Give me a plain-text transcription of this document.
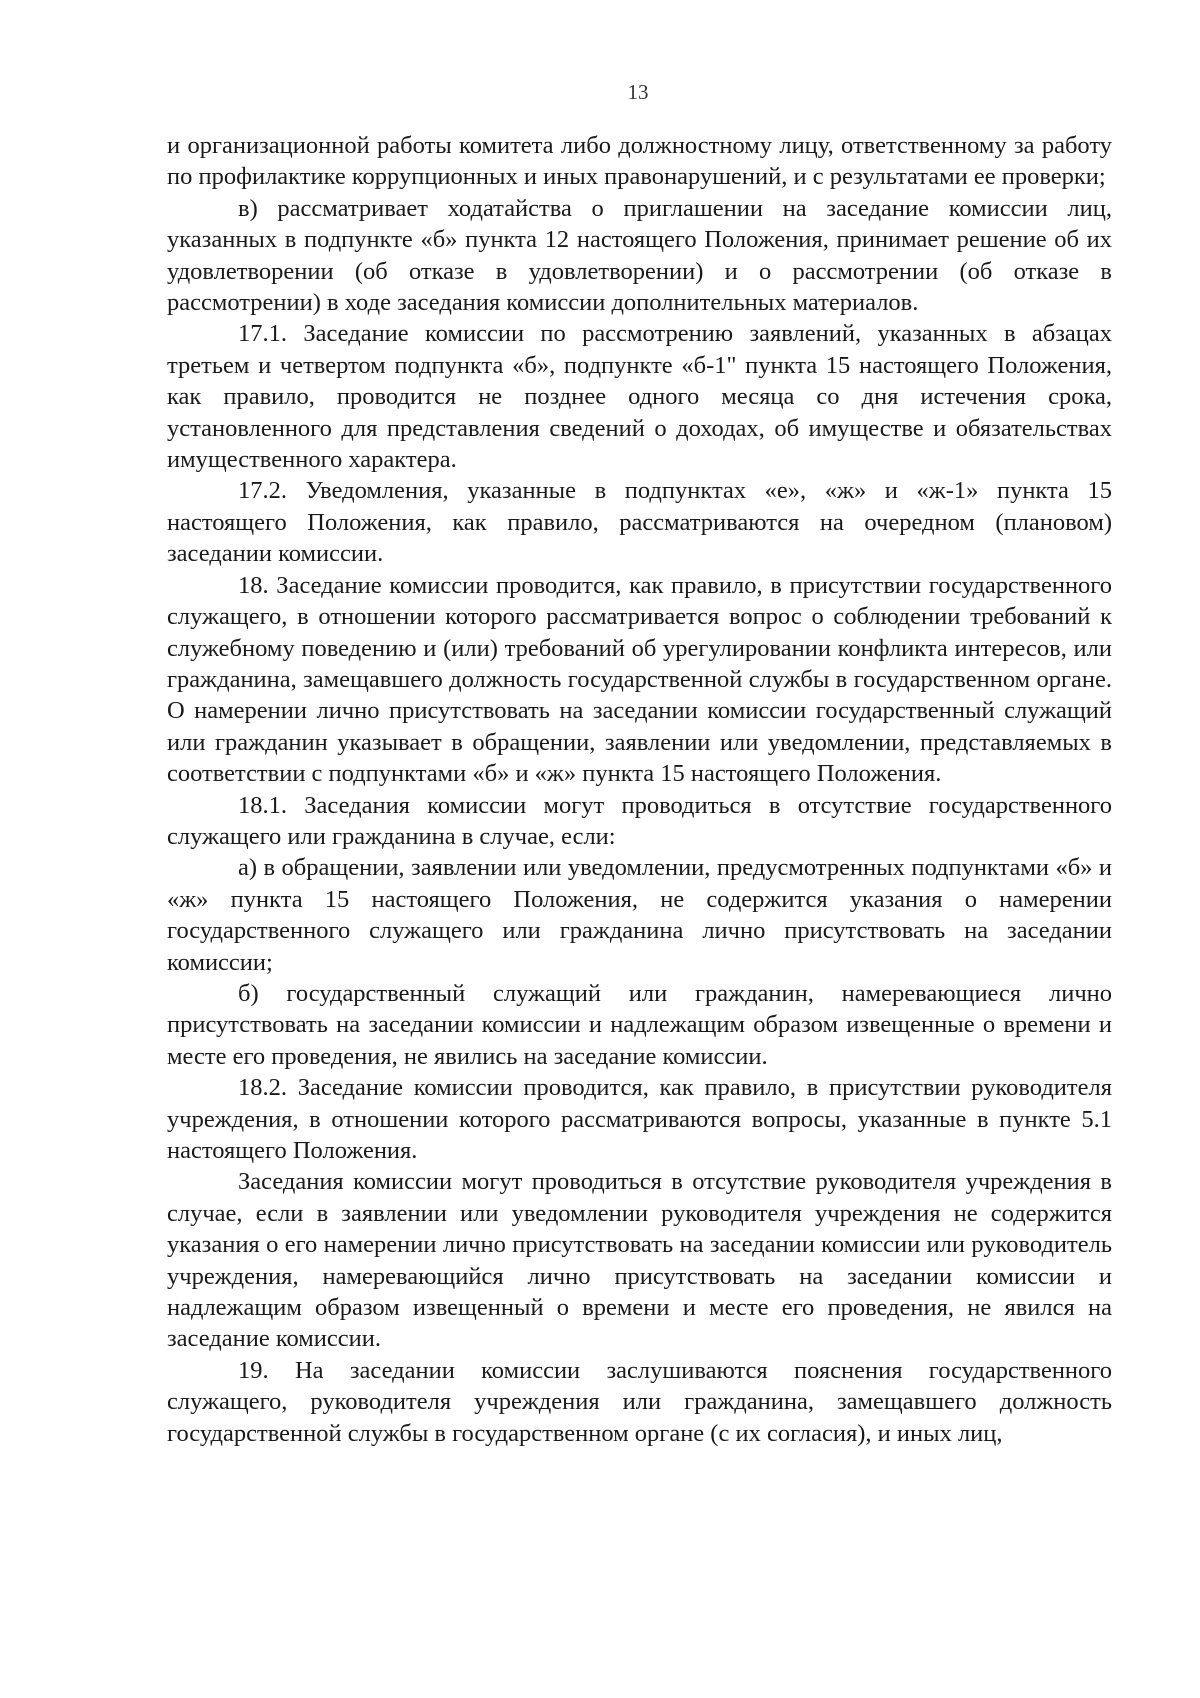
13

и организационной работы комитета либо должностному лицу, ответственному за работу по профилактике коррупционных и иных правонарушений, и с результатами ее проверки;

в) рассматривает ходатайства о приглашении на заседание комиссии лиц, указанных в подпункте «б» пункта 12 настоящего Положения, принимает решение об их удовлетворении (об отказе в удовлетворении) и о рассмотрении (об отказе в рассмотрении) в ходе заседания комиссии дополнительных материалов.

17.1. Заседание комиссии по рассмотрению заявлений, указанных в абзацах третьем и четвертом подпункта «б», подпункте «б-1" пункта 15 настоящего Положения, как правило, проводится не позднее одного месяца со дня истечения срока, установленного для представления сведений о доходах, об имуществе и обязательствах имущественного характера.

17.2. Уведомления, указанные в подпунктах «е», «ж» и «ж-1» пункта 15 настоящего Положения, как правило, рассматриваются на очередном (плановом) заседании комиссии.

18. Заседание комиссии проводится, как правило, в присутствии государственного служащего, в отношении которого рассматривается вопрос о соблюдении требований к служебному поведению и (или) требований об урегулировании конфликта интересов, или гражданина, замещавшего должность государственной службы в государственном органе. О намерении лично присутствовать на заседании комиссии государственный служащий или гражданин указывает в обращении, заявлении или уведомлении, представляемых в соответствии с подпунктами «б» и «ж» пункта 15 настоящего Положения.

18.1. Заседания комиссии могут проводиться в отсутствие государственного служащего или гражданина в случае, если:

а) в обращении, заявлении или уведомлении, предусмотренных подпунктами «б» и «ж» пункта 15 настоящего Положения, не содержится указания о намерении государственного служащего или гражданина лично присутствовать на заседании комиссии;

б) государственный служащий или гражданин, намеревающиеся лично присутствовать на заседании комиссии и надлежащим образом извещенные о времени и месте его проведения, не явились на заседание комиссии.

18.2. Заседание комиссии проводится, как правило, в присутствии руководителя учреждения, в отношении которого рассматриваются вопросы, указанные в пункте 5.1 настоящего Положения.

Заседания комиссии могут проводиться в отсутствие руководителя учреждения в случае, если в заявлении или уведомлении руководителя учреждения не содержится указания о его намерении лично присутствовать на заседании комиссии или руководитель учреждения, намеревающийся лично присутствовать на заседании комиссии и надлежащим образом извещенный о времени и месте его проведения, не явился на заседание комиссии.

19. На заседании комиссии заслушиваются пояснения государственного служащего, руководителя учреждения или гражданина, замещавшего должность государственной службы в государственном органе (с их согласия), и иных лиц,
